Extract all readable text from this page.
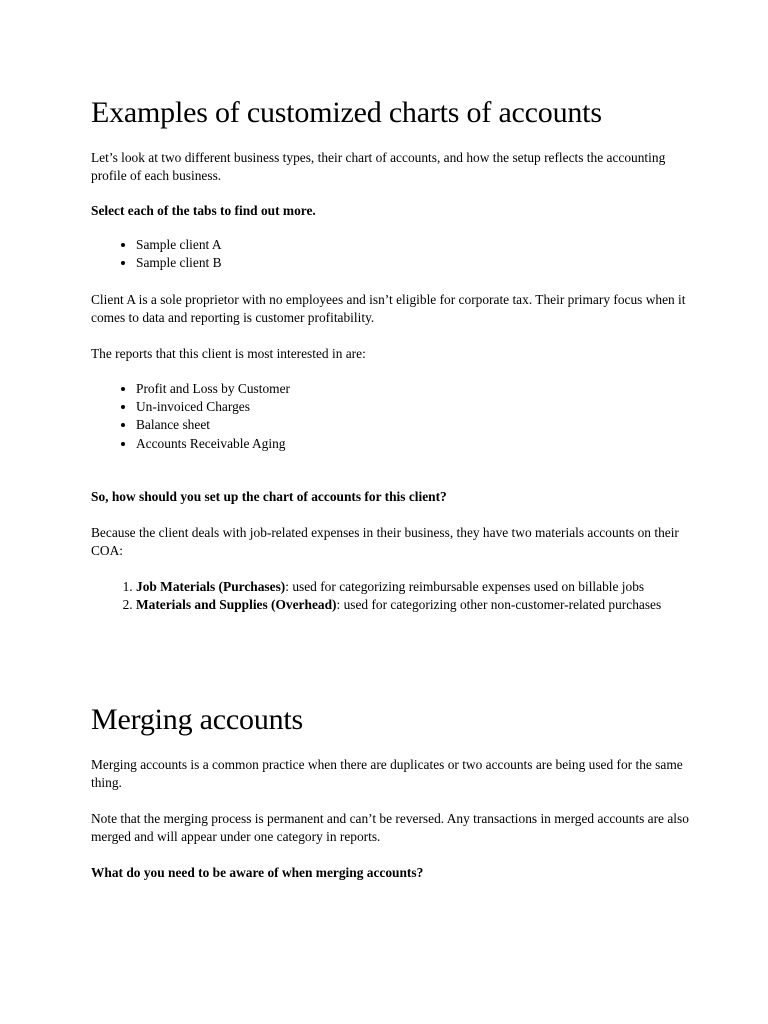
Examples of customized charts of accounts

Let’s look at two different business types, their chart of accounts, and how the setup reflects the accounting profile of each business.

Select each of the tabs to find out more.

• Sample client A
• Sample client B

Client A is a sole proprietor with no employees and isn’t eligible for corporate tax. Their primary focus when it comes to data and reporting is customer profitability.

The reports that this client is most interested in are:

• Profit and Loss by Customer
• Un-invoiced Charges
• Balance sheet
• Accounts Receivable Aging

So, how should you set up the chart of accounts for this client?

Because the client deals with job-related expenses in their business, they have two materials accounts on their COA:

1. Job Materials (Purchases): used for categorizing reimbursable expenses used on billable jobs
2. Materials and Supplies (Overhead): used for categorizing other non-customer-related purchases
Merging accounts

Merging accounts is a common practice when there are duplicates or two accounts are being used for the same thing.

Note that the merging process is permanent and can’t be reversed. Any transactions in merged accounts are also merged and will appear under one category in reports.

What do you need to be aware of when merging accounts?
